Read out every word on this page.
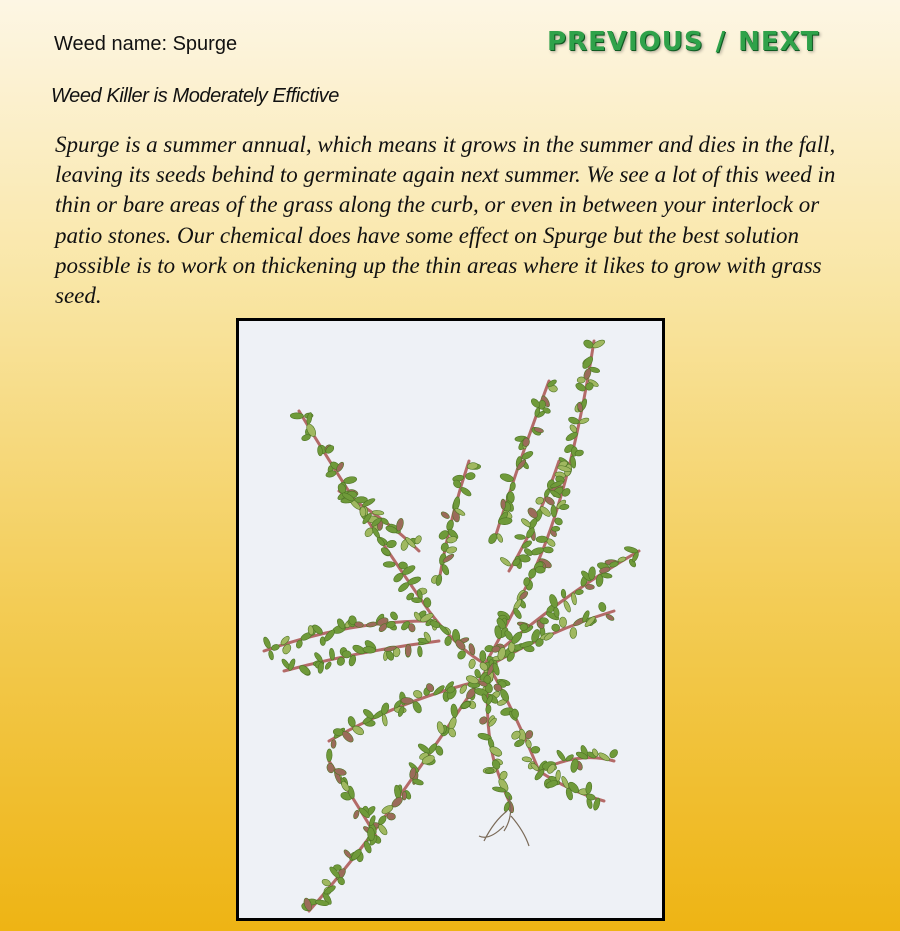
Weed name: Spurge	PREVIOUS / NEXT
Weed Killer is Moderately Effictive

Spurge is a summer annual, which means it grows in the summer and dies in the fall, leaving its seeds behind to germinate again next summer. We see a lot of this weed in thin or bare areas of the grass along the curb, or even in between your interlock or patio stones. Our chemical does have some effect on Spurge but the best solution possible is to work on thickening up the thin areas where it likes to grow with grass seed.
